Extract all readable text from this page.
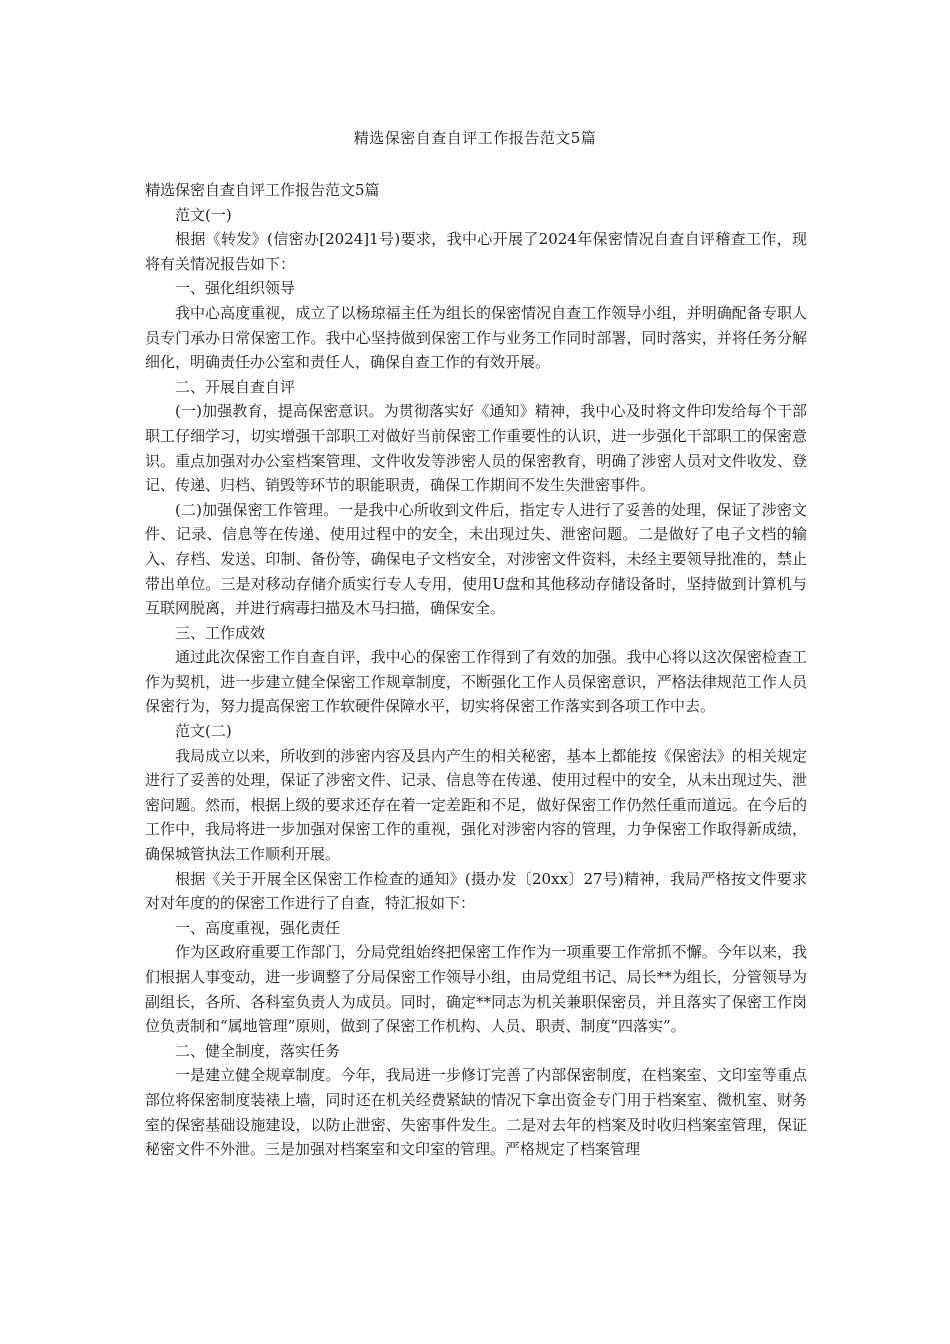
精选保密自查自评工作报告范文5篇

精选保密自查自评工作报告范文5篇

范文(一)

根据《转发》(信密办[2024]1号)要求，我中心开展了2024年保密情况自查自评稽查工作，现将有关情况报告如下：

一、强化组织领导

我中心高度重视，成立了以杨琼福主任为组长的保密情况自查工作领导小组，并明确配备专职人员专门承办日常保密工作。我中心坚持做到保密工作与业务工作同时部署，同时落实，并将任务分解细化，明确责任办公室和责任人，确保自查工作的有效开展。

二、开展自查自评

(一)加强教育，提高保密意识。为贯彻落实好《通知》精神，我中心及时将文件印发给每个干部职工仔细学习，切实增强干部职工对做好当前保密工作重要性的认识，进一步强化干部职工的保密意识。重点加强对办公室档案管理、文件收发等涉密人员的保密教育，明确了涉密人员对文件收发、登记、传递、归档、销毁等环节的职能职责，确保工作期间不发生失泄密事件。

(二)加强保密工作管理。一是我中心所收到文件后，指定专人进行了妥善的处理，保证了涉密文件、记录、信息等在传递、使用过程中的安全，未出现过失、泄密问题。二是做好了电子文档的输入、存档、发送、印制、备份等，确保电子文档安全，对涉密文件资料，未经主要领导批准的，禁止带出单位。三是对移动存储介质实行专人专用，使用U盘和其他移动存储设备时，坚持做到计算机与互联网脱离，并进行病毒扫描及木马扫描，确保安全。

三、工作成效

通过此次保密工作自查自评，我中心的保密工作得到了有效的加强。我中心将以这次保密检查工作为契机，进一步建立健全保密工作规章制度，不断强化工作人员保密意识，严格法律规范工作人员保密行为，努力提高保密工作软硬件保障水平，切实将保密工作落实到各项工作中去。

范文(二)

我局成立以来，所收到的涉密内容及县内产生的相关秘密，基本上都能按《保密法》的相关规定进行了妥善的处理，保证了涉密文件、记录、信息等在传递、使用过程中的安全，从未出现过失、泄密问题。然而，根据上级的要求还存在着一定差距和不足，做好保密工作仍然任重而道远。在今后的工作中，我局将进一步加强对保密工作的重视，强化对涉密内容的管理，力争保密工作取得新成绩，确保城管执法工作顺利开展。

根据《关于开展全区保密工作检查的通知》(摄办发〔20xx〕27号)精神，我局严格按文件要求对对年度的的保密工作进行了自查，特汇报如下：

一、高度重视，强化责任

作为区政府重要工作部门，分局党组始终把保密工作作为一项重要工作常抓不懈。今年以来，我们根据人事变动，进一步调整了分局保密工作领导小组，由局党组书记、局长**为组长，分管领导为副组长，各所、各科室负责人为成员。同时，确定**同志为机关兼职保密员，并且落实了保密工作岗位负责制和“属地管理”原则，做到了保密工作机构、人员、职责、制度“四落实”。

二、健全制度，落实任务

一是建立健全规章制度。今年，我局进一步修订完善了内部保密制度，在档案室、文印室等重点部位将保密制度装裱上墙，同时还在机关经费紧缺的情况下拿出资金专门用于档案室、微机室、财务室的保密基础设施建设，以防止泄密、失密事件发生。二是对去年的档案及时收归档案室管理，保证秘密文件不外泄。三是加强对档案室和文印室的管理。严格规定了档案管理
